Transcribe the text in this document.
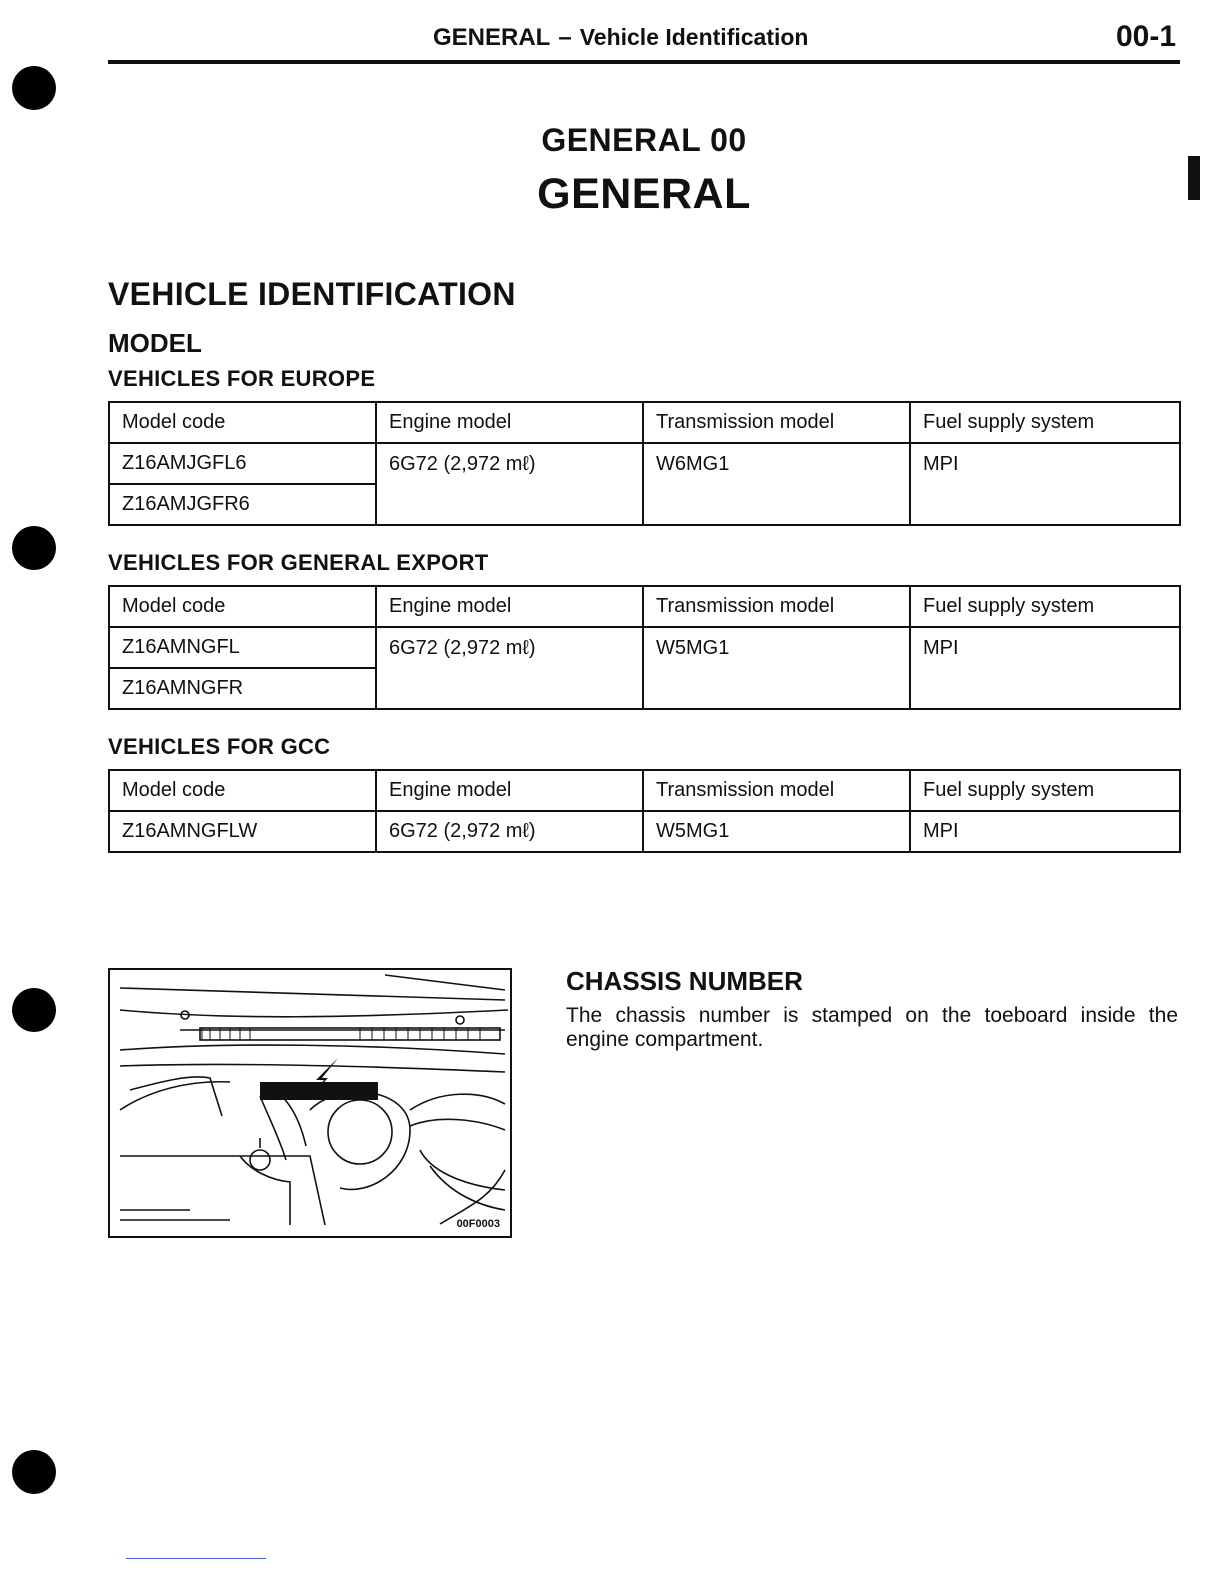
GENERAL – Vehicle Identification	00-1
GENERAL 00
GENERAL
VEHICLE IDENTIFICATION
MODEL
VEHICLES FOR EUROPE
Model code	Engine model	Transmission model	Fuel supply system
Z16AMJGFL6	6G72 (2,972 mℓ)	W6MG1	MPI
Z16AMJGFR6			
VEHICLES FOR GENERAL EXPORT
Model code	Engine model	Transmission model	Fuel supply system
Z16AMNGFL	6G72 (2,972 mℓ)	W5MG1	MPI
Z16AMNGFR			
VEHICLES FOR GCC
Model code	Engine model	Transmission model	Fuel supply system
Z16AMNGFLW	6G72 (2,972 mℓ)	W5MG1	MPI
00F0003
CHASSIS NUMBER
The chassis number is stamped on the toeboard inside the engine compartment.
